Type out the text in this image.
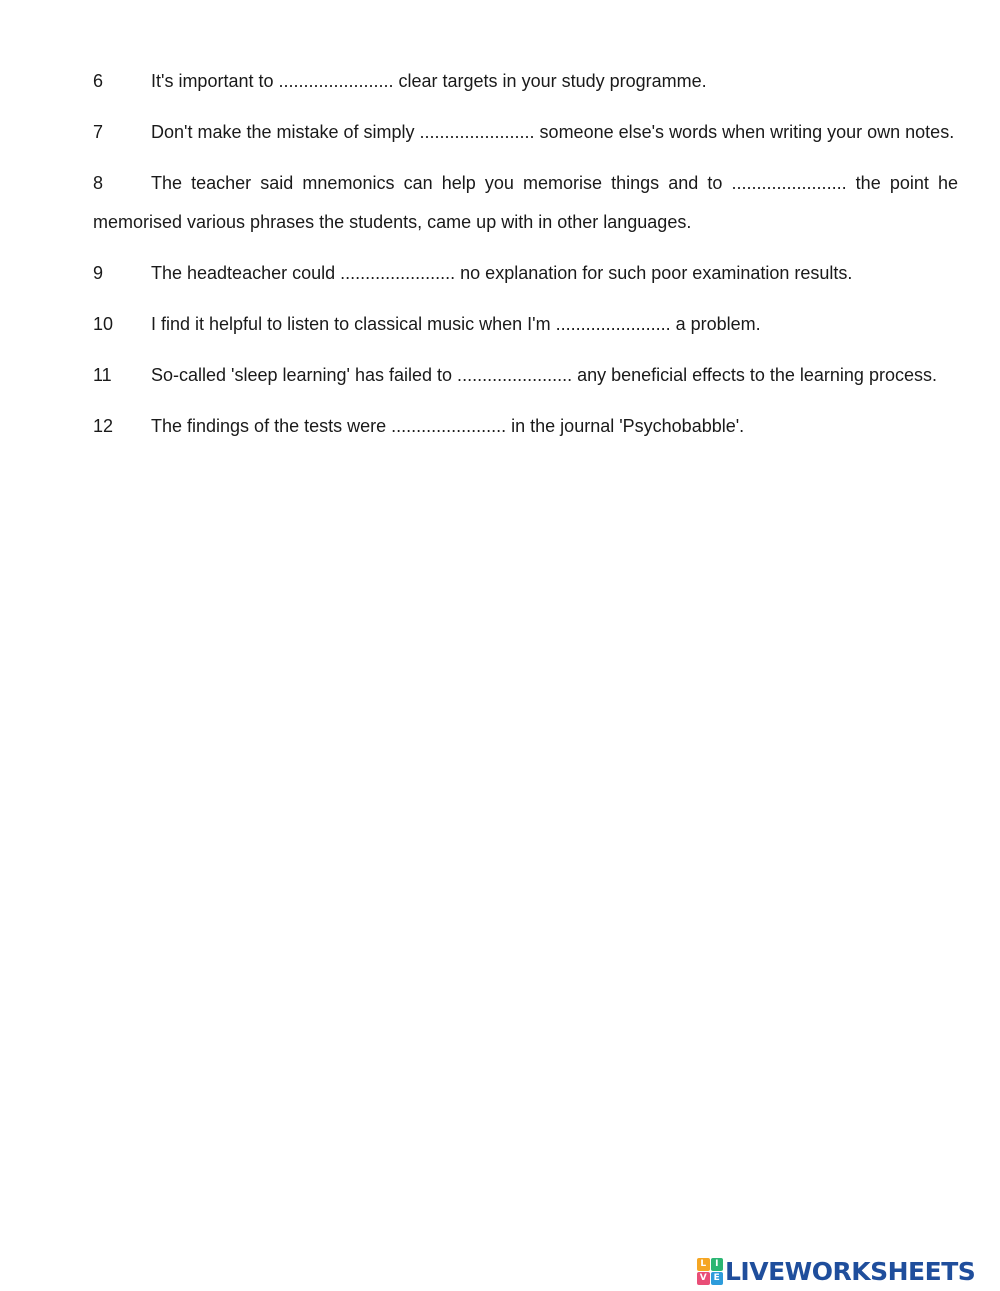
6	It's important to ....................... clear targets in your study programme.

7	Don't make the mistake of simply ....................... someone else's words when writing your own notes.

8	The teacher said mnemonics can help you memorise things and to ....................... the point he memorised various phrases the students, came up with in other languages.

9	The headteacher could ....................... no explanation for such poor examination results.

10 I find it helpful to listen to classical music when I'm ....................... a problem.

11 So-called 'sleep learning' has failed to ....................... any beneficial effects to the learning process.

12 The findings of the tests were ....................... in the journal 'Psychobabble'.

L I
V E LIVEWORKSHEETS
